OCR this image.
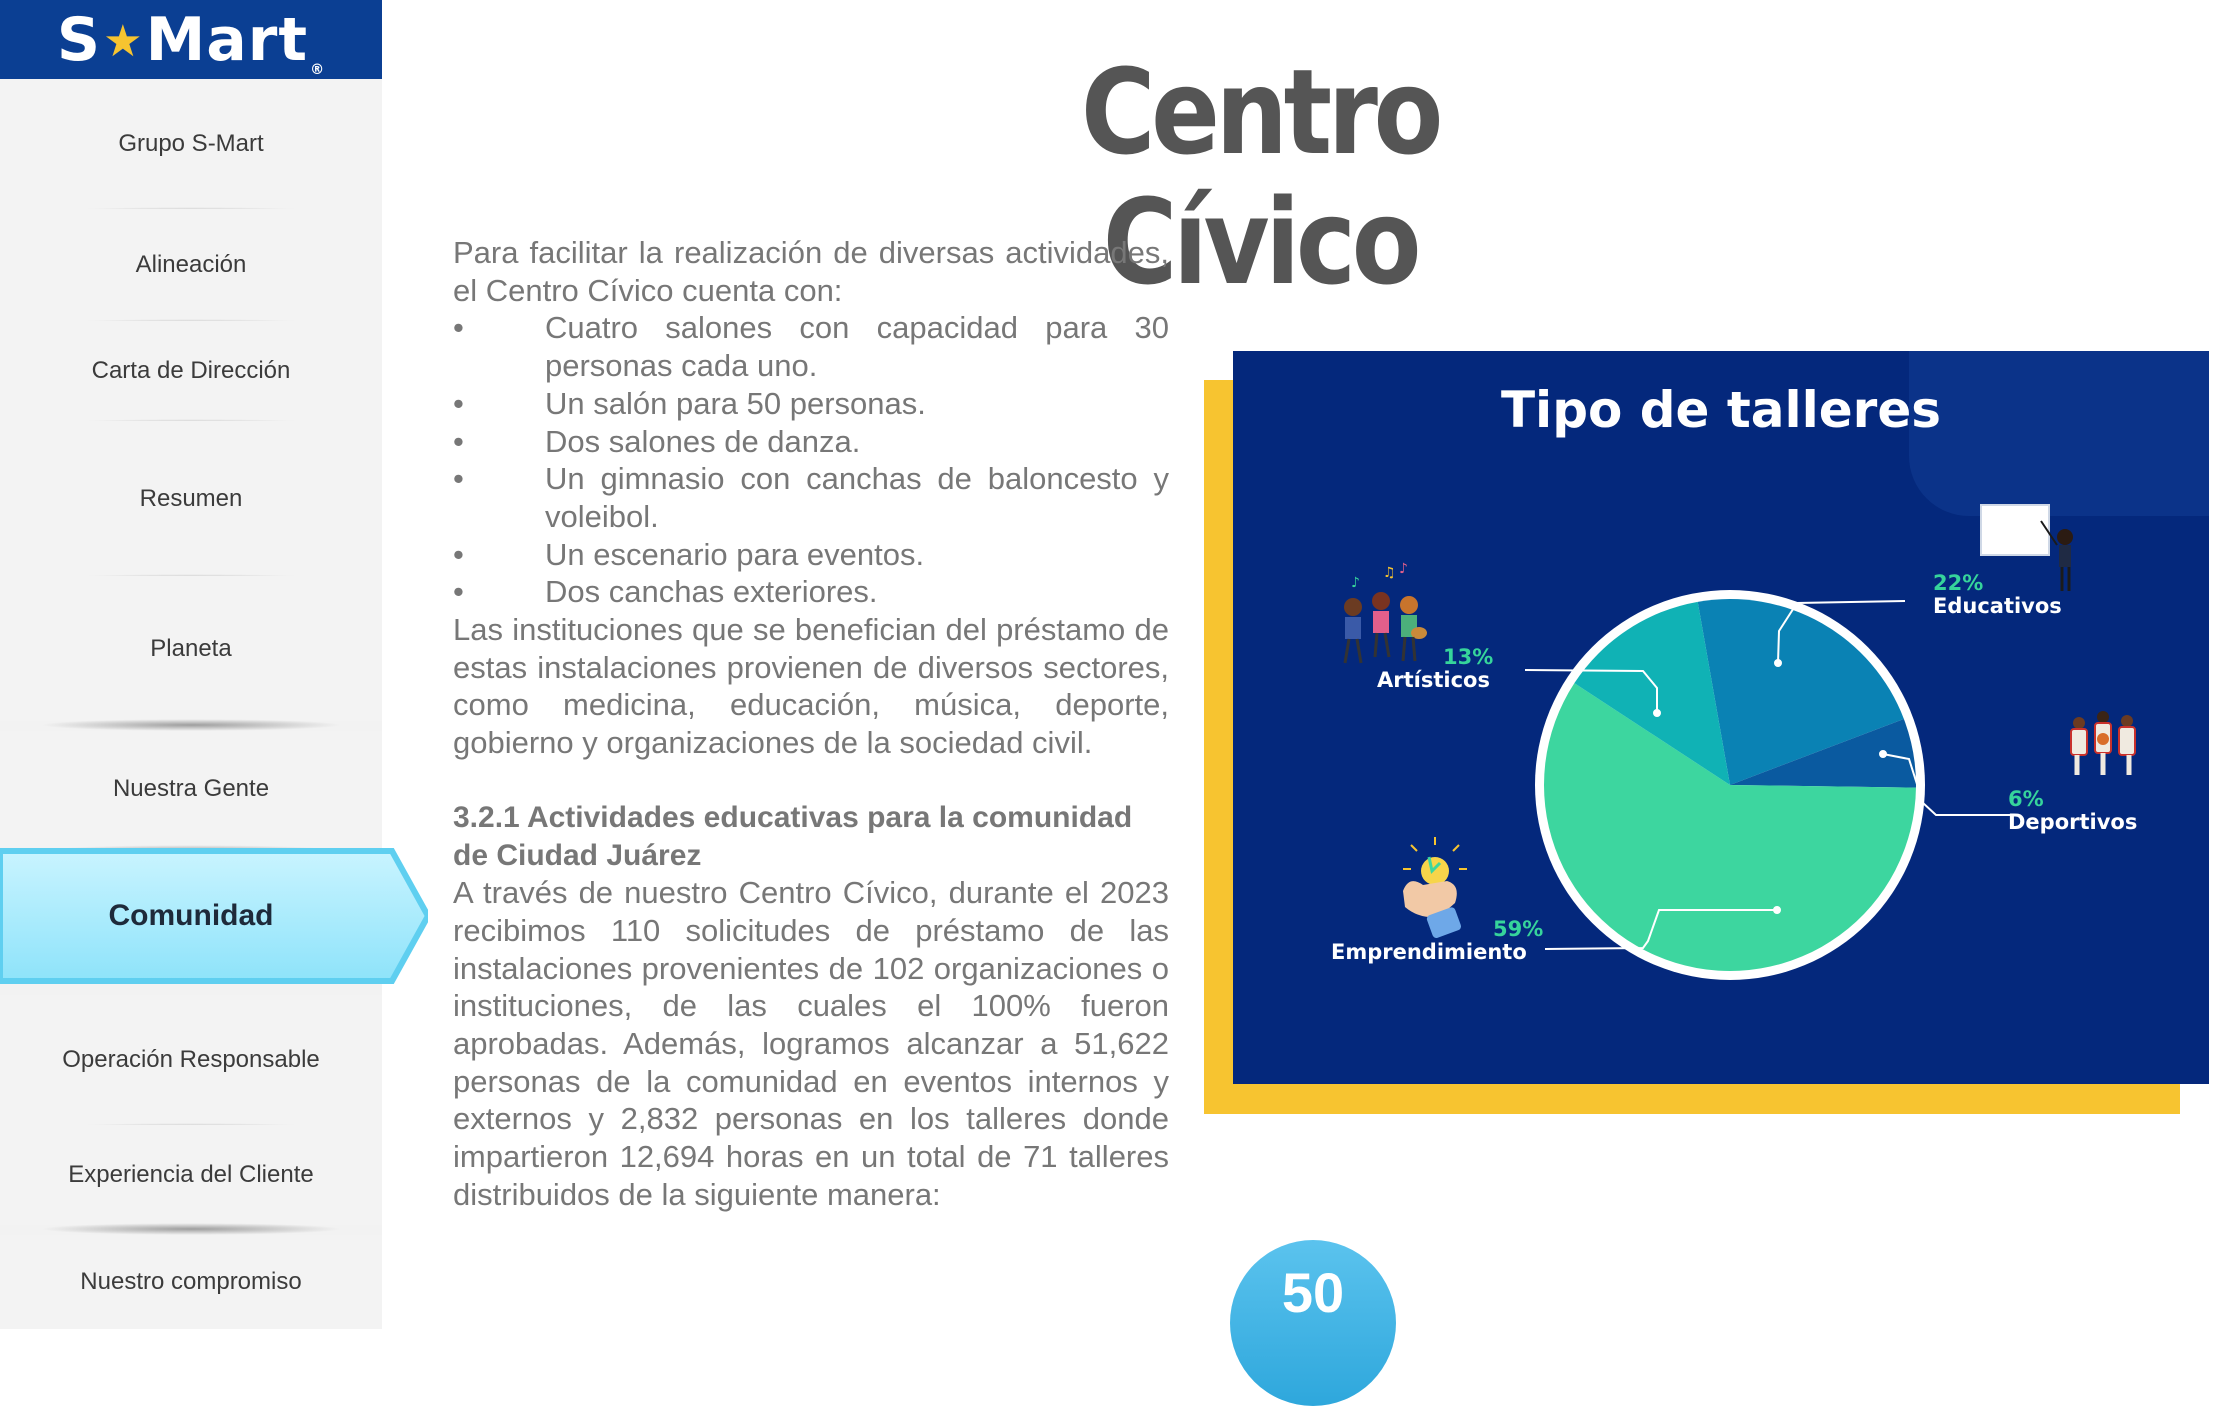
S★Mart $_®$
Grupo S-Mart
Alineación
Carta de Dirección
Resumen
Planeta
Nuestra Gente
Operación Responsable
Experiencia del Cliente
Nuestro compromiso
Comunidad
Centro Cívico

Para facilitar la realización de diversas actividades, el Centro Cívico cuenta con:

•	Cuatro salones con capacidad para 30 personas cada uno.
•	Un salón para 50 personas.
•	Dos salones de danza.
•	Un gimnasio con canchas de baloncesto y voleibol.
•	Un escenario para eventos.
•	Dos canchas exteriores.

Las instituciones que se benefician del préstamo de estas instalaciones provienen de diversos sectores, como medicina, educación, música, deporte, gobierno y organizaciones de la sociedad civil.

3.2.1 Actividades educativas para la comunidad de Ciudad Juárez

A través de nuestro Centro Cívico, durante el 2023 recibimos 110 solicitudes de préstamo de las instalaciones provenientes de 102 organizaciones o instituciones, de las cuales el 100% fueron aprobadas. Además, logramos alcanzar a 51,622 personas de la comunidad en eventos internos y externos y 2,832 personas en los talleres donde impartieron 12,694 horas en un total de 71 talleres distribuidos de la siguiente manera:

Tipo de talleres
♪
♫ ♪
22%
Educativos
6%
Deportivos
59%
Emprendimiento
13%
Artísticos
50
